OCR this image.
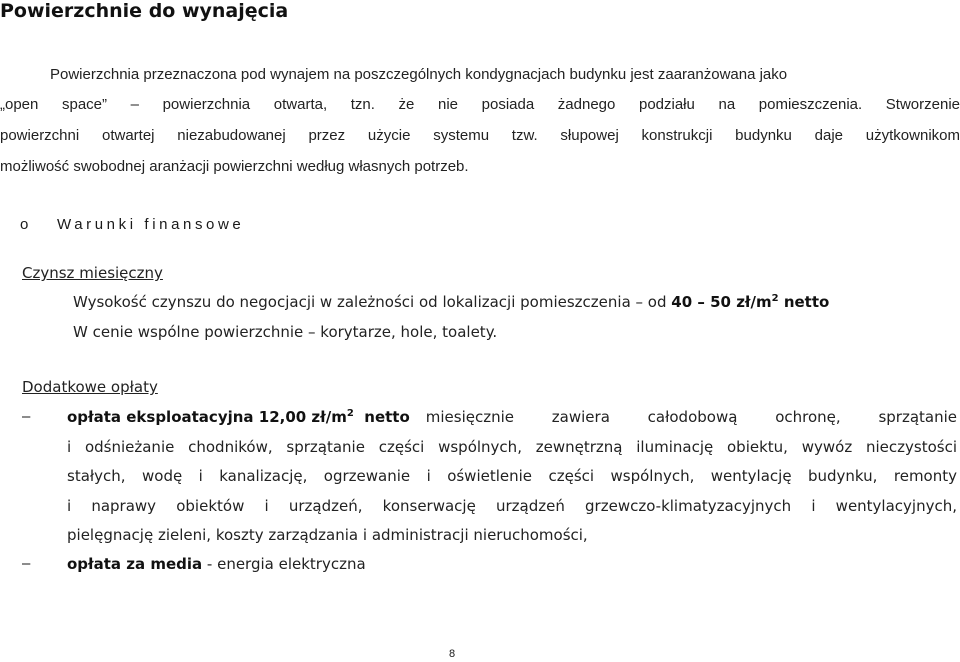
Powierzchnie do wynajęcia
Powierzchnia przeznaczona pod wynajem na poszczególnych kondygnacjach budynku jest zaaranżowana jako
„open space” – powierzchnia otwarta, tzn. że nie posiada żadnego podziału na pomieszczenia. Stworzenie
powierzchni otwartej niezabudowanej przez użycie systemu tzw. słupowej konstrukcji budynku daje użytkownikom
możliwość swobodnej aranżacji powierzchni według własnych potrzeb.
o Warunki finansowe
Czynsz miesięczny
Wysokość czynszu do negocjacji w zależności od lokalizacji pomieszczenia – od 40 – 50 $zł/m^2$ netto
W cenie wspólne powierzchnie – korytarze, hole, toalety.
Dodatkowe opłaty
– opłata eksploatacyjna 12,00 $zł/m^2$ netto miesięcznie zawiera całodobową ochronę, sprzątanie
i odśnieżanie chodników, sprzątanie części wspólnych, zewnętrzną iluminację obiektu, wywóz nieczystości
stałych, wodę i kanalizację, ogrzewanie i oświetlenie części wspólnych, wentylację budynku, remonty
i naprawy obiektów i urządzeń, konserwację urządzeń grzewczo-klimatyzacyjnych i wentylacyjnych,
pielęgnację zieleni, koszty zarządzania i administracji nieruchomości,
– opłata za media - energia elektryczna
8
